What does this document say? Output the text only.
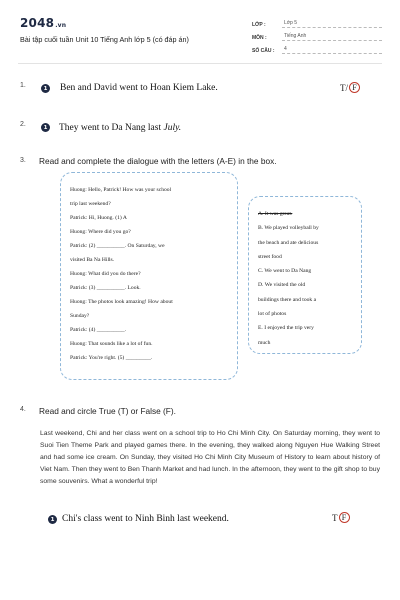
2048.vn
Bài tập cuối tuần Unit 10 Tiếng Anh lớp 5 (có đáp án)
LỚP :	Lớp 5
MÔN :	Tiếng Anh
SỐ CÂU :	4
1.	1 Ben and David went to Hoan Kiem Lake.	T/ F
2.	1 They went to Da Nang last July.
3. Read and complete the dialogue with the letters (A-E) in the box.
Huong: Hello, Patrick! How was your school
trip last weekend?
Patrick: Hi, Huong. (1) A
Huong: Where did you go?
Patrick: (2) __________. On Saturday, we
visited Ba Na Hills.
Huong: What did you do there?
Patrick: (3) __________. Look.
Huong: The photos look amazing! How about
Sunday?
Patrick: (4) __________.
Huong: That sounds like a lot of fun.
Patrick: You're right. (5) _________.
A. It was great.
B. We played volleyball by
the beach and ate delicious
street food
C. We went to Da Nang
D. We visited the old
buildings there and took a
lot of photos
E. I enjoyed the trip very
much
4. Read and circle True (T) or False (F).
Last weekend, Chi and her class went on a school trip to Ho Chi Minh City. On Saturday morning, they went to Suoi Tien Theme Park and played games there. In the evening, they walked along Nguyen Hue Walking Street and had some ice cream. On Sunday, they visited Ho Chi Minh City Museum of History to learn about history of Viet Nam. Then they went to Ben Thanh Market and had lunch. In the afternoon, they went to the gift shop to buy some souvenirs. What a wonderful trip!
1 Chi's class went to Ninh Binh last weekend.	T F
